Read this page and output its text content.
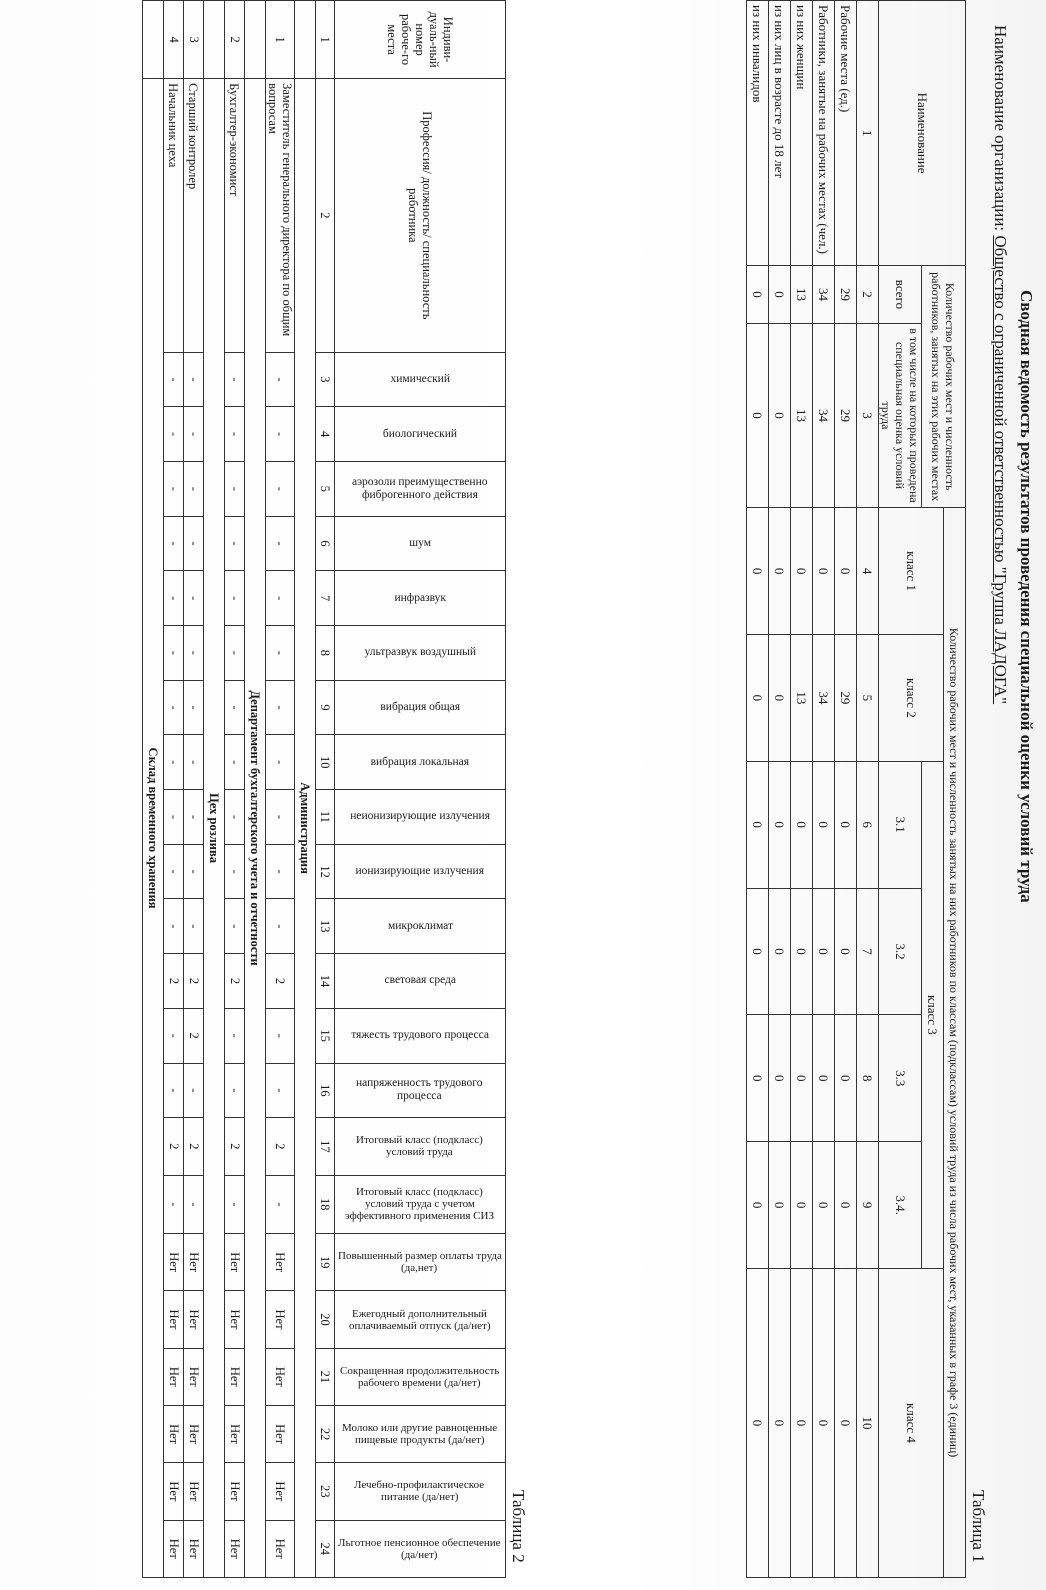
Сводная ведомость результатов проведения специальной оценки условий труда
Наименование организации: Общество с ограниченной ответственностью "Группа ЛАДОГА"
Таблица 1
Наименование	Количество рабочих мест и численность работников, занятых на этих рабочих местах		Количество рабочих мест и численность занятых на них работников по классам (подклассам) условий труда из числа рабочих мест, указанных в графе 3 (единиц)						
			класс 1	класс 2	класс 3				класс 4
	всего	в том числе на которых проведена специальная оценка условий труда			3.1	3.2	3.3	3.4.	
1	2	3	4	5	6	7	8	9	10
Рабочие места (ед.)	29	29	0	29	0	0	0	0	0
Работники, занятые на рабочих местах (чел.)	34	34	0	34	0	0	0	0	0
из них женщин	13	13	0	13	0	0	0	0	0
из них лиц в возрасте до 18 лет	0	0	0	0	0	0	0	0	0
из них инвалидов	0	0	0	0	0	0	0	0	0
Таблица 2
Индиви-дуаль-ный номер рабоче-го места	Профессия/ должность/ специальность работника	химический	биологический	аэрозоли преимущественно фиброгенного действия	шум	инфразвук	ультразвук воздушный	вибрация общая	вибрация локальная	неионизирующие излучения	ионизирующие излучения	микроклимат	световая среда	тяжесть трудового процесса	напряженность трудового процесса	Итоговый класс (подкласс) условий труда	Итоговый класс (подкласс) условий труда с учетом эффективного применения СИЗ	Повышенный размер оплаты труда (да,нет)	Ежегодный дополнительный оплачиваемый отпуск (да/нет)	Сокращенная продолжительность рабочего времени (да/нет)	Молоко или другие равноценные пищевые продукты (да/нет)	Лечебно-профилактическое питание (да/нет)	Льготное пенсионное обеспечение (да/нет)

1	2	3	4	5	6	7	8	9	10	11	12	13	14	15	16	17	18	19	20	21	22	23	24
	Администрация																						
1	Заместитель генерального директора по общим вопросам	-	-	-	-	-	-	-	-	-	-	-	2	-	-	2	-	Нет	Нет	Нет	Нет	Нет	Нет
	Департамент бухгалтерского учета и отчетности																						
2	Бухгалтер-экономист	-	-	-	-	-	-	-	-	-	-	-	2	-	-	2	-	Нет	Нет	Нет	Нет	Нет	Нет
	Цех розлива																						
3	Старший контролер	-	-	-	-	-	-	-	-	-	-	-	2	2	-	2	-	Нет	Нет	Нет	Нет	Нет	Нет
4	Начальник цеха	-	-	-	-	-	-	-	-	-	-	-	2	-	-	2	-	Нет	Нет	Нет	Нет	Нет	Нет
	Склад временного хранения																						
